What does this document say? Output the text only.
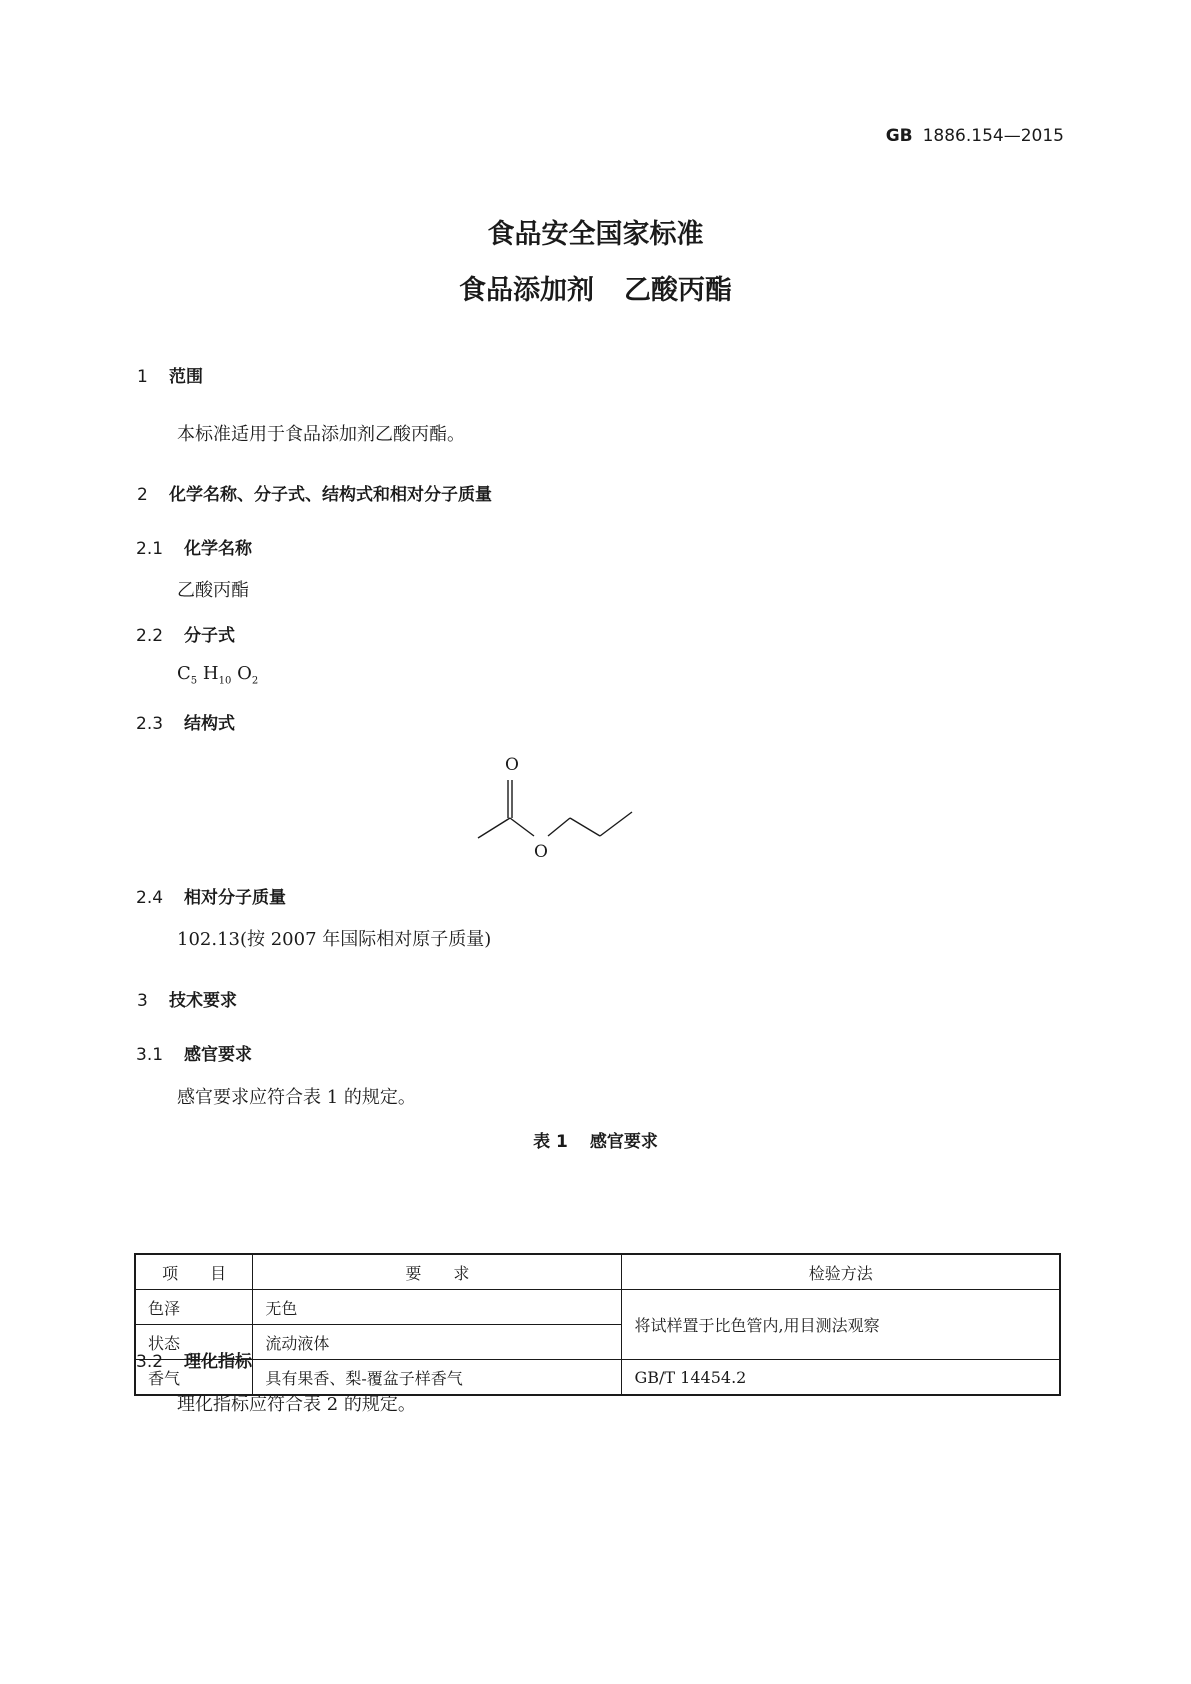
GB 1886.154—2015
食品安全国家标准
食品添加剂 乙酸丙酯
1 范围
本标准适用于食品添加剂乙酸丙酯。
2 化学名称、分子式、结构式和相对分子质量
2.1 化学名称
乙酸丙酯
2.2 分子式
$C_5$ $H_{10}$ $O_2$
2.3 结构式
O
O
2.4 相对分子质量
102.13(按 2007 年国际相对原子质量)
3 技术要求
3.1 感官要求
感官要求应符合表 1 的规定。
表 1 感官要求
项　　目	要　　求	检验方法
色泽	无色	将试样置于比色管内,用目测法观察
状态	流动液体	
香气	具有果香、梨-覆盆子样香气	GB/T 14454.2
3.2 理化指标
理化指标应符合表 2 的规定。
